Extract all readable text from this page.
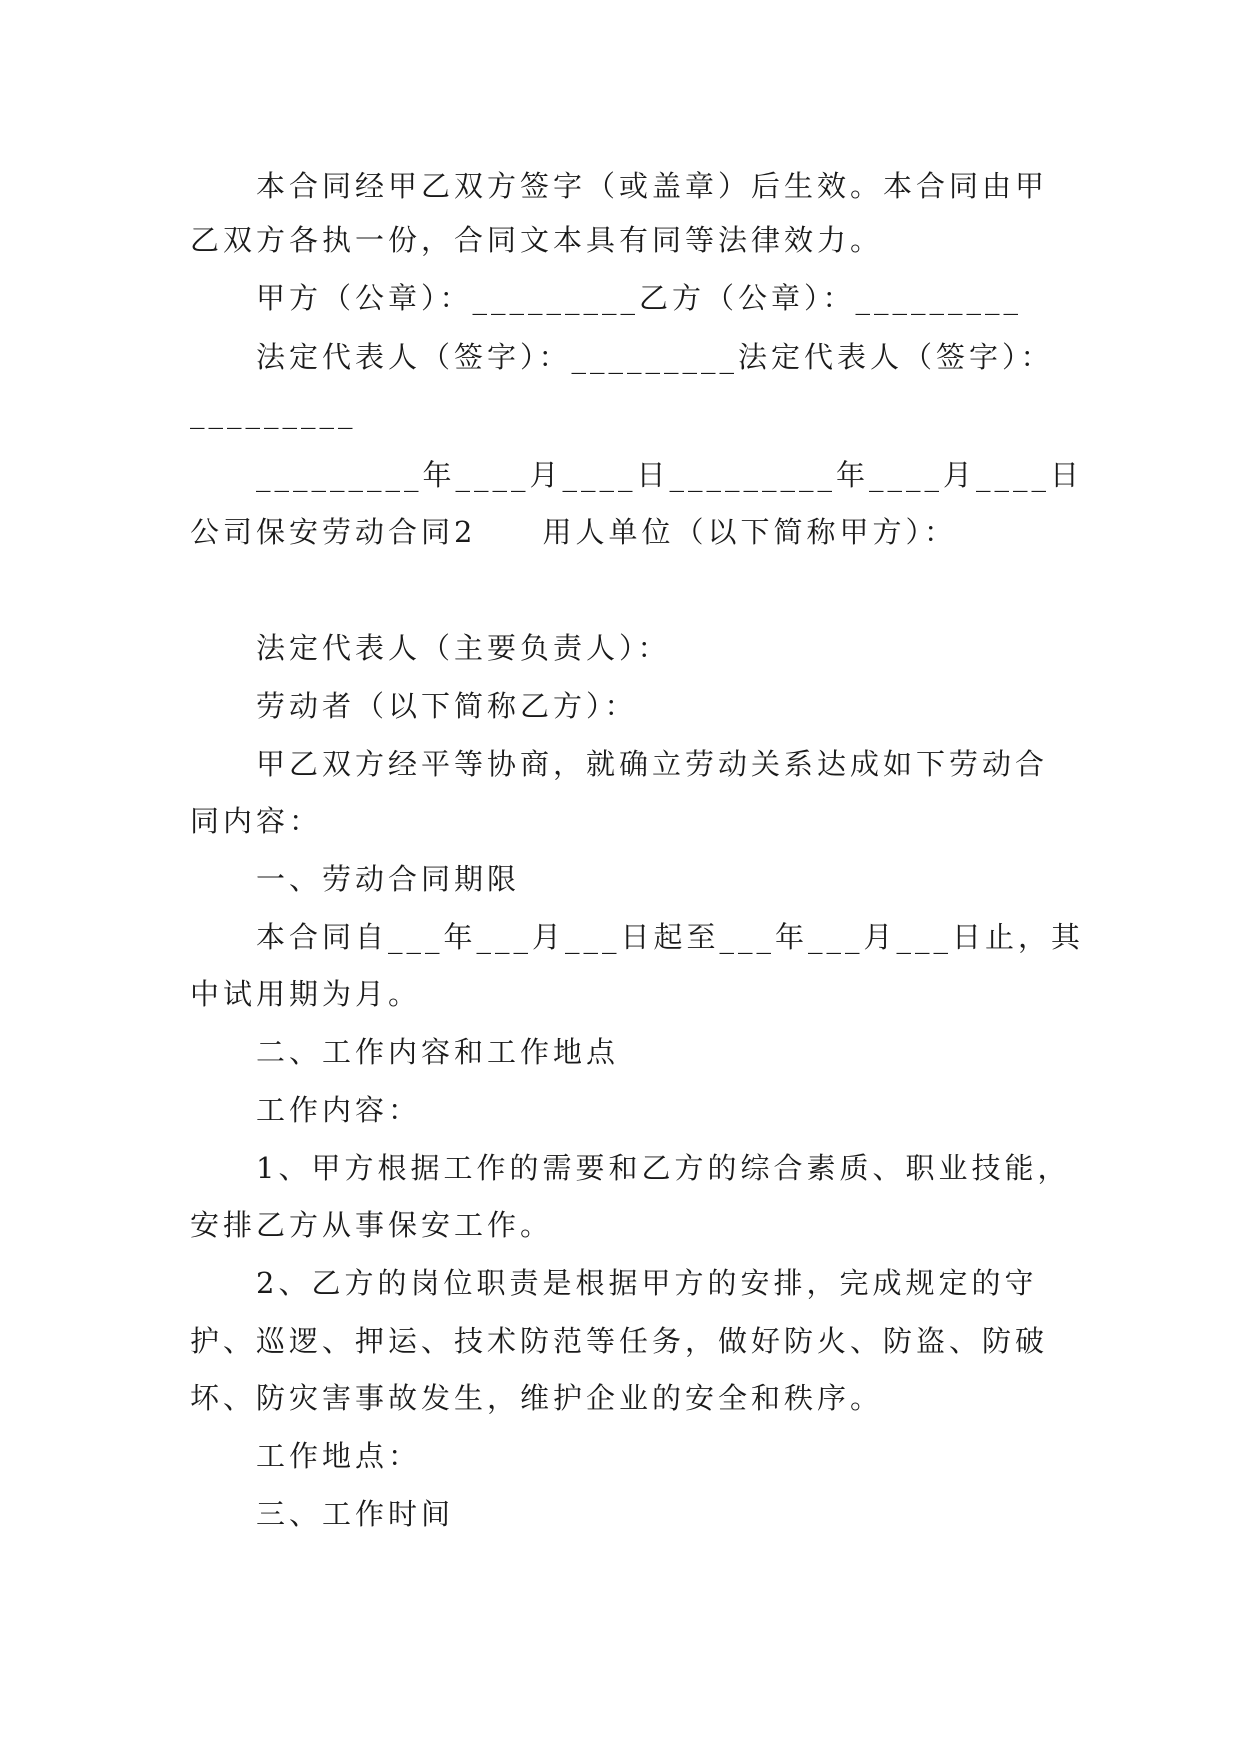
本合同经甲乙双方签字（或盖章）后生效。本合同由甲
乙双方各执一份，合同文本具有同等法律效力。
甲方（公章）：_________乙方（公章）：_________
法定代表人（签字）：_________法定代表人（签字）：
_________
_________年____月____日_________年____月____日
公司保安劳动合同2　　用人单位（以下简称甲方）：
法定代表人（主要负责人）：
劳动者（以下简称乙方）：
甲乙双方经平等协商，就确立劳动关系达成如下劳动合
同内容：
一、劳动合同期限
本合同自___年___月___日起至___年___月___日止，其
中试用期为月。
二、工作内容和工作地点
工作内容：
1、甲方根据工作的需要和乙方的综合素质、职业技能，
安排乙方从事保安工作。
2、乙方的岗位职责是根据甲方的安排，完成规定的守
护、巡逻、押运、技术防范等任务，做好防火、防盗、防破
坏、防灾害事故发生，维护企业的安全和秩序。
工作地点：
三、工作时间
